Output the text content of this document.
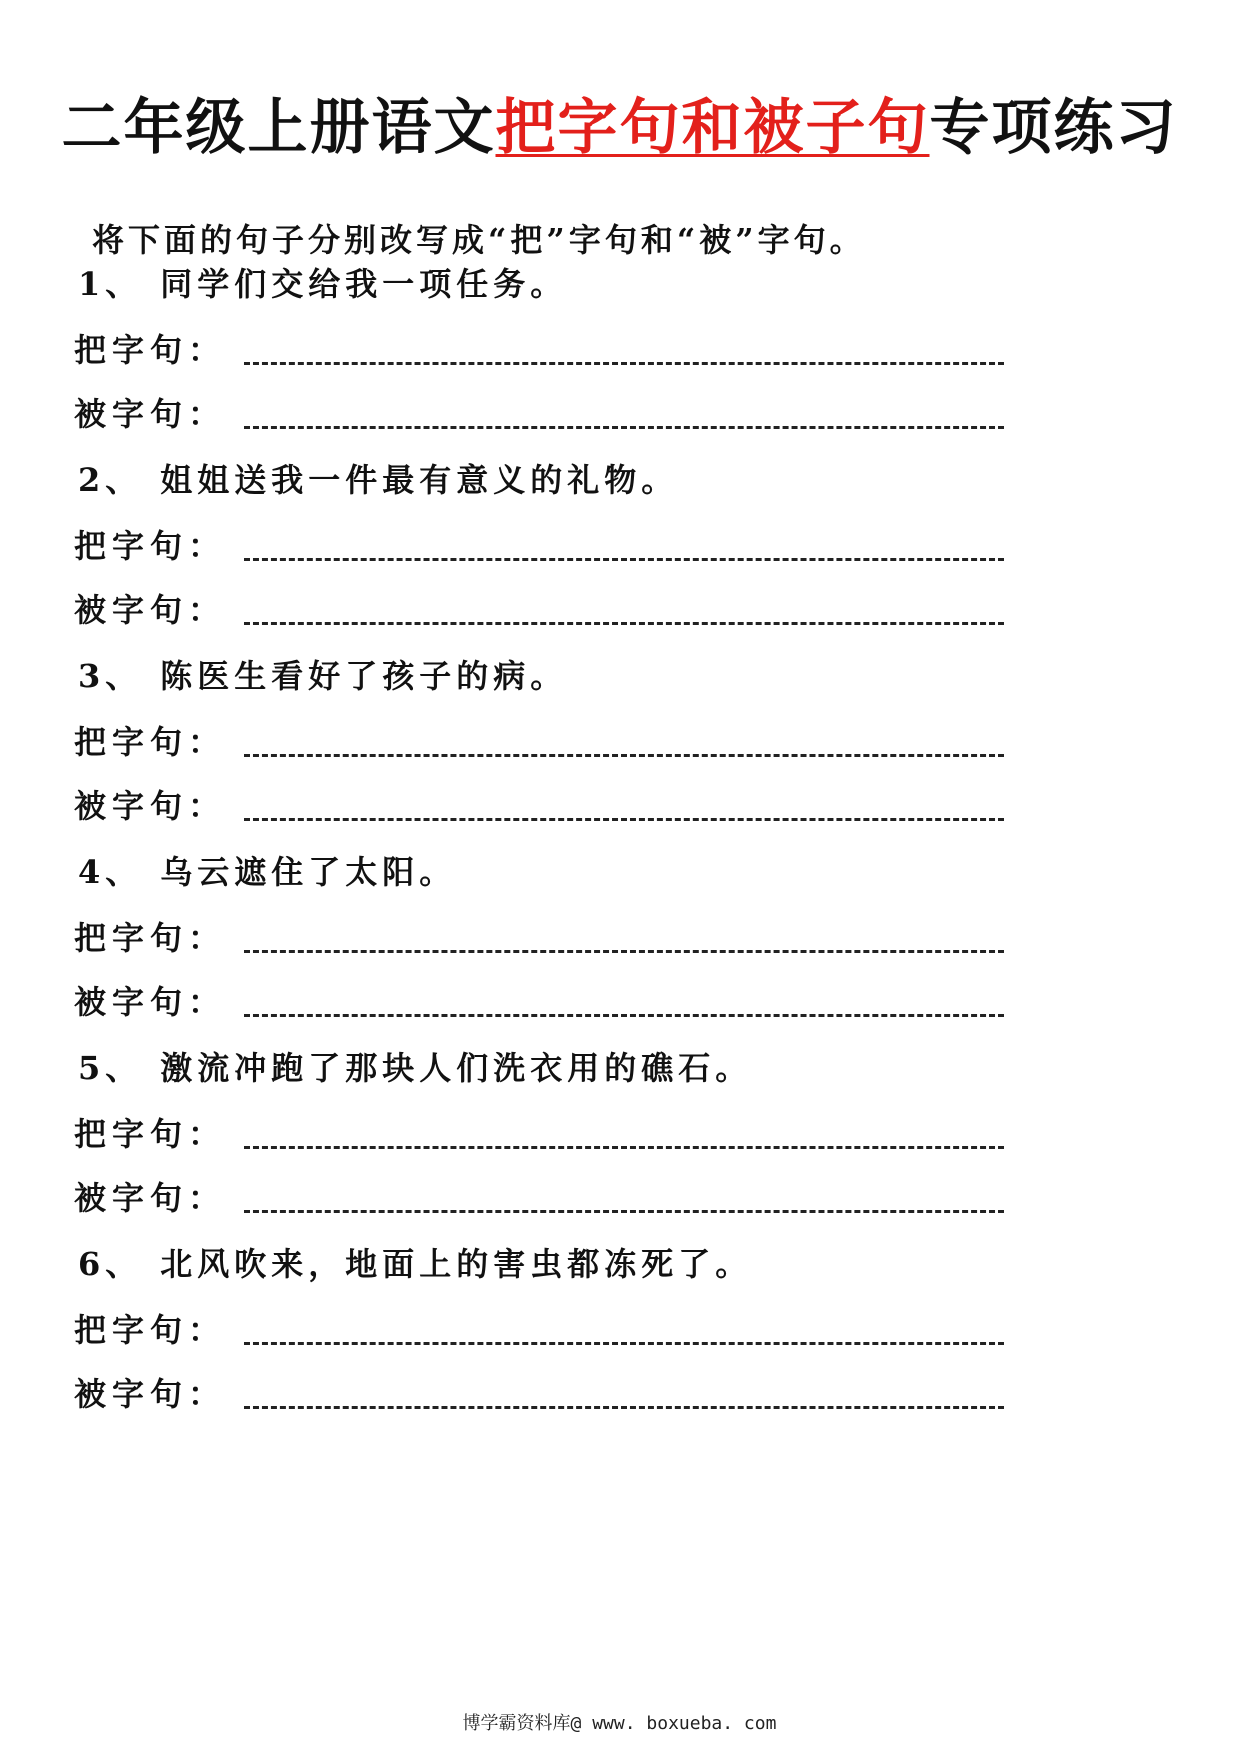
二年级上册语文把字句和被子句专项练习
将下面的句子分别改写成“把”字句和“被”字句。
1、 同学们交给我一项任务。
把字句：
被字句：
2、 姐姐送我一件最有意义的礼物。
把字句：
被字句：
3、 陈医生看好了孩子的病。
把字句：
被字句：
4、 乌云遮住了太阳。
把字句：
被字句：
5、 激流冲跑了那块人们洗衣用的礁石。
把字句：
被字句：
6、 北风吹来，地面上的害虫都冻死了。
把字句：
被字句：
博学霸资料库@ www. boxueba. com
